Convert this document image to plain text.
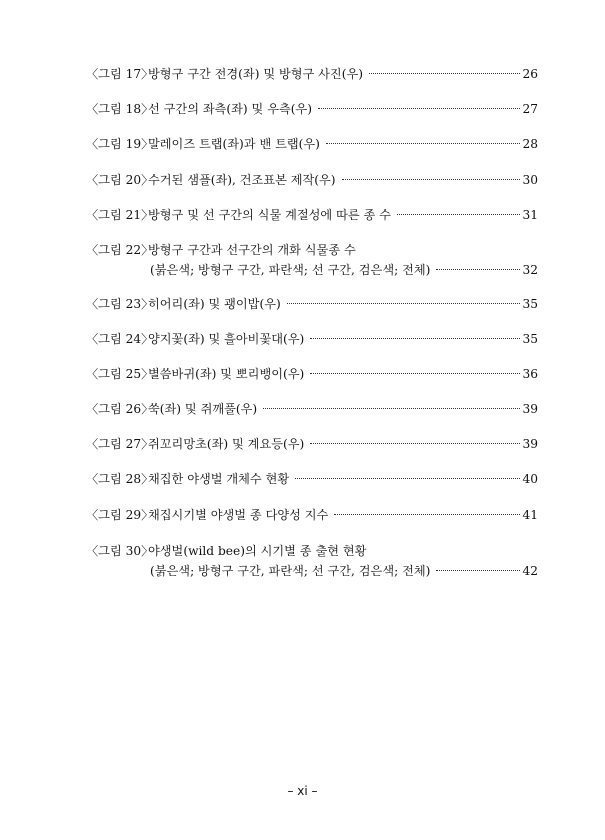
〈그림 17〉
방형구 구간 전경(좌) 및 방형구 사진(우)	26
〈그림 18〉
선 구간의 좌측(좌) 및 우측(우)	27
〈그림 19〉
말레이즈 트랩(좌)과 밴 트랩(우)	28
〈그림 20〉
수거된 샘플(좌), 건조표본 제작(우)	30
〈그림 21〉
방형구 및 선 구간의 식물 계절성에 따른 종 수	31
〈그림 22〉
방형구 구간과 선구간의 개화 식물종 수
(붉은색; 방형구 구간, 파란색; 선 구간, 검은색; 전체)	32
〈그림 23〉
히어리(좌) 및 괭이밥(우)	35
〈그림 24〉
양지꽃(좌) 및 흘아비꽃대(우)	35
〈그림 25〉
별씀바귀(좌) 및 뽀리뱅이(우)	36
〈그림 26〉
쑥(좌) 및 쥐깨풀(우)	39
〈그림 27〉
쥐꼬리망초(좌) 및 계요등(우)	39
〈그림 28〉
채집한 야생벌 개체수 현황	40
〈그림 29〉
채집시기별 야생벌 종 다양성 지수	41
〈그림 30〉
야생벌(wild bee)의 시기별 종 출현 현황
(붉은색; 방형구 구간, 파란색; 선 구간, 검은색; 전체)	42
– xi –
